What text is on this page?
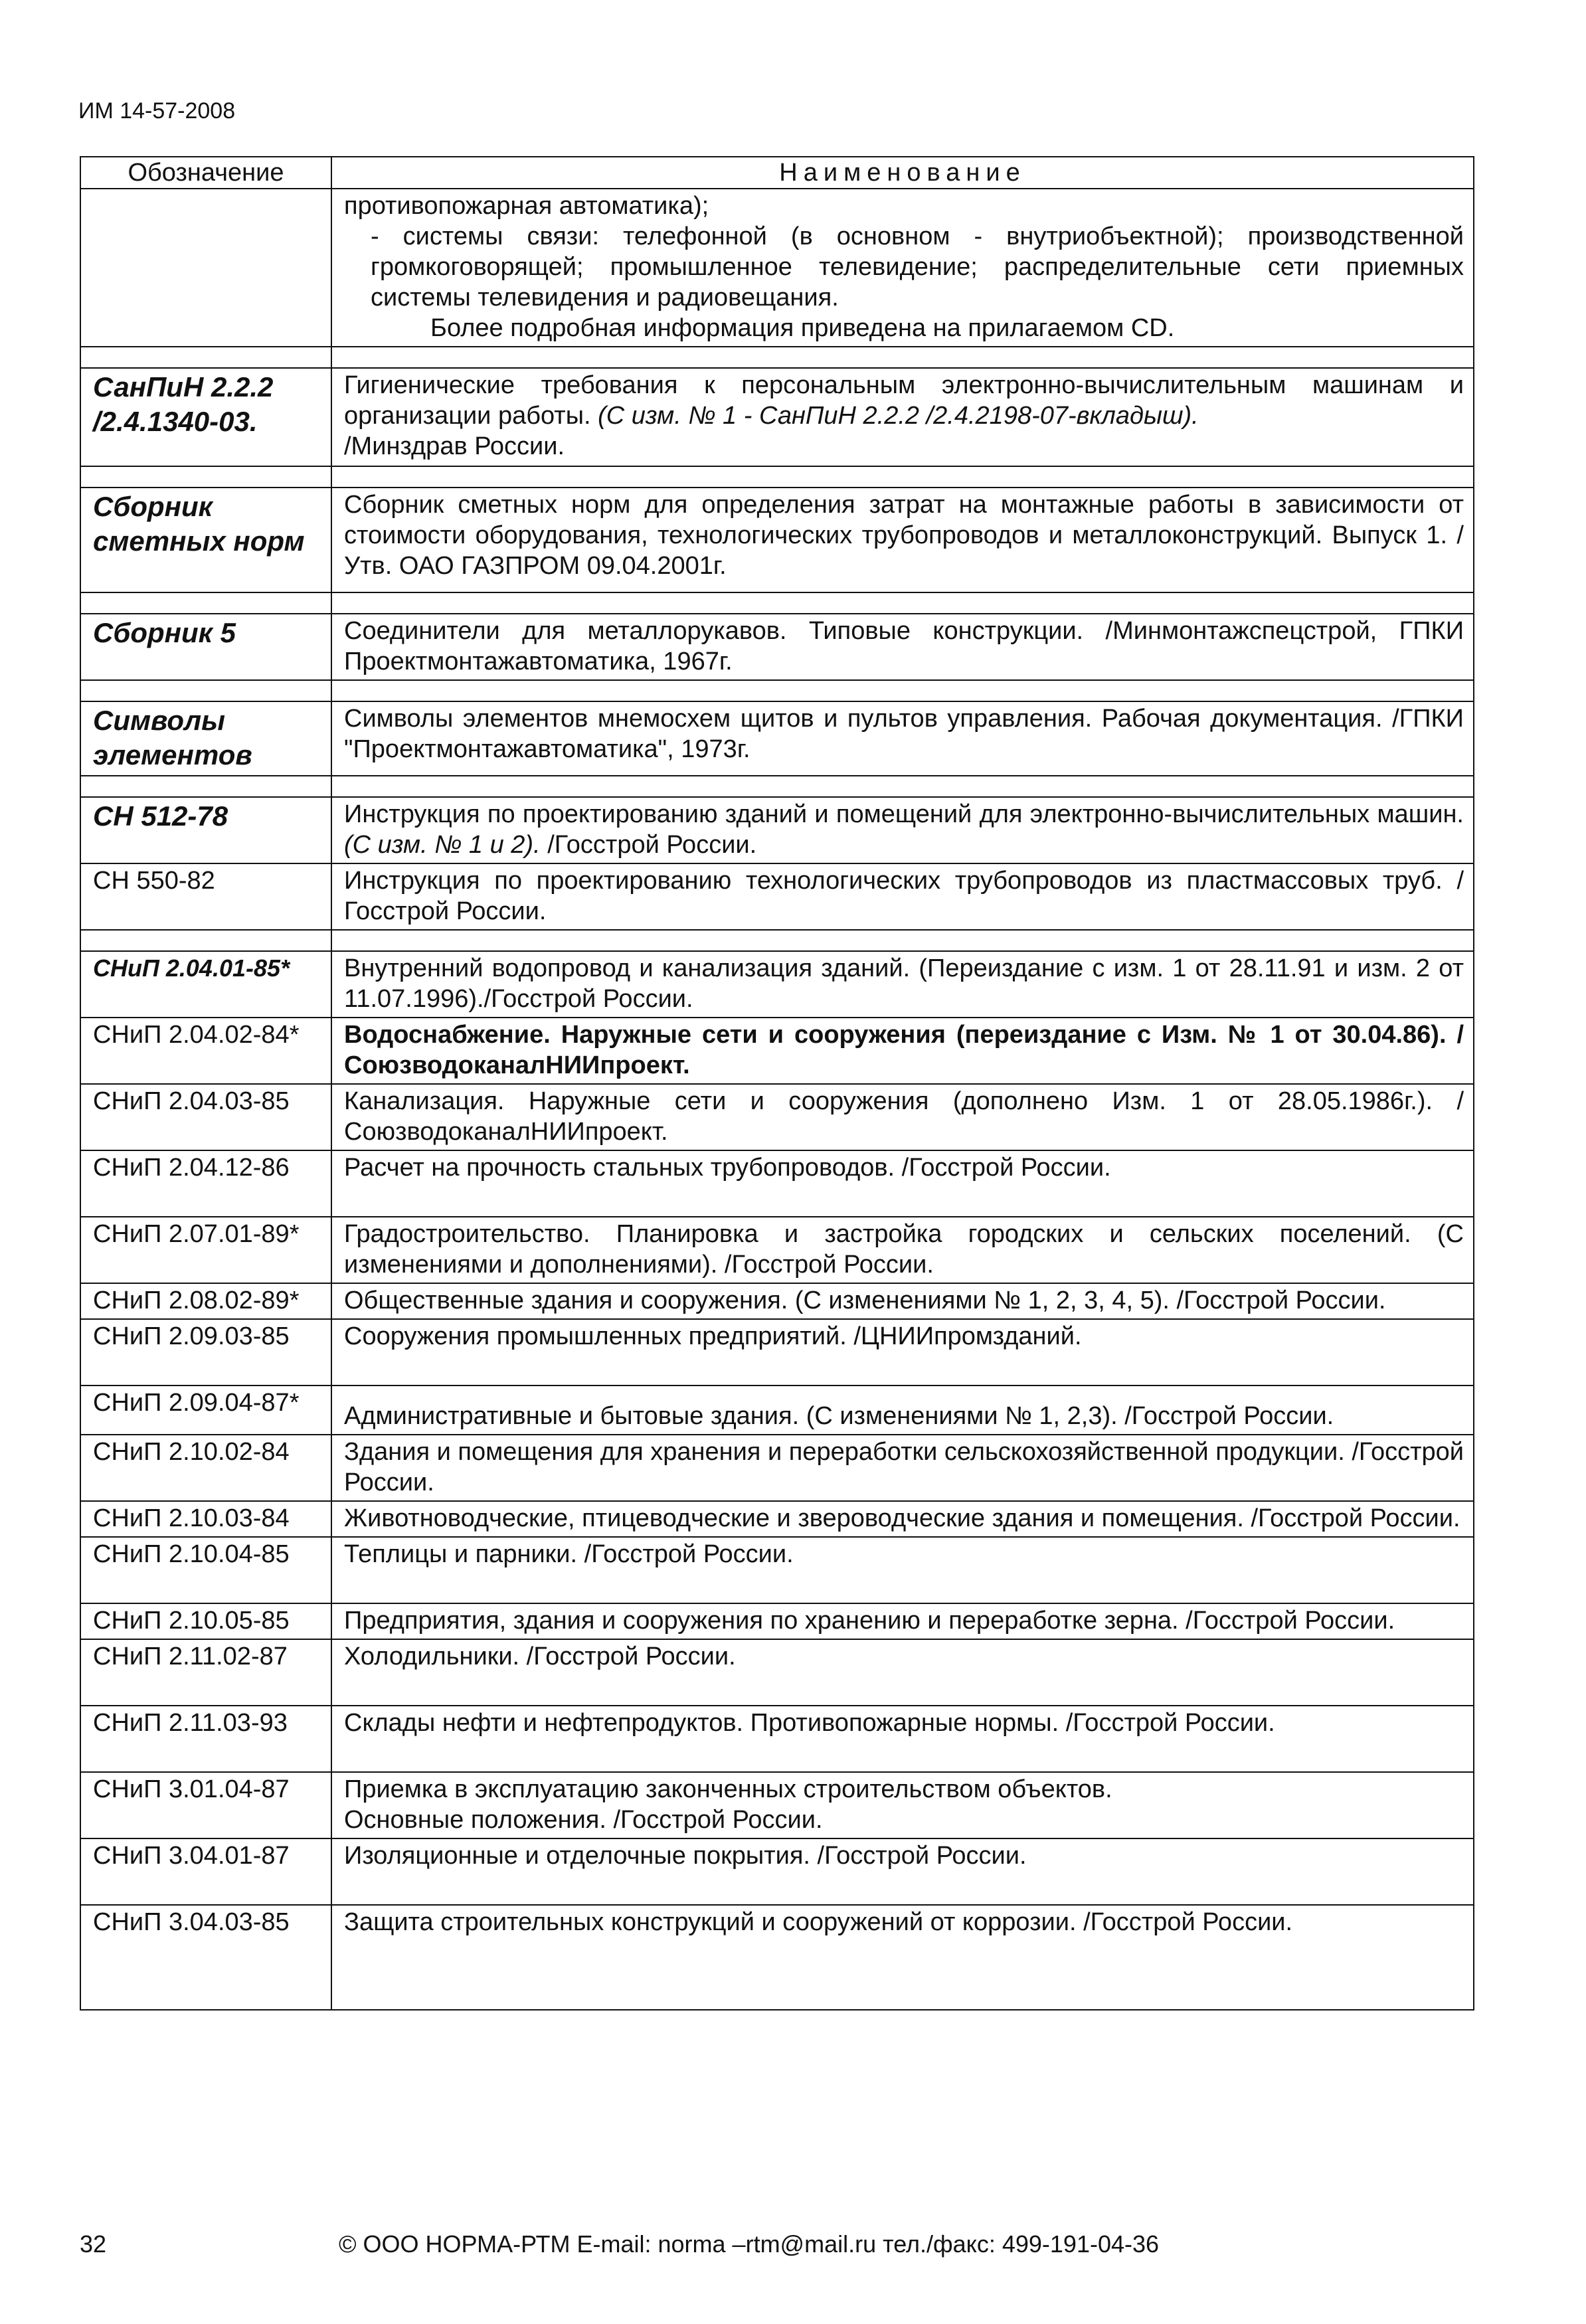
ИМ 14-57-2008
Обозначение	Наименование
	противопожарная автоматика);
- системы связи: телефонной (в основном - внутриобъектной); производственной громкоговорящей; промышленное телевидение; распределительные сети приемных системы телевидения и радиовещания.
Более подробная информация приведена на прилагаемом CD.

СанПиН 2.2.2 /2.4.1340-03.	Гигиенические требования к персональным электронно-вычислительным машинам и организации работы. (С изм. № 1 - СанПиН 2.2.2 /2.4.2198-07-вкладыш).
/Минздрав России.

Сборник сметных норм	Сборник сметных норм для определения затрат на монтажные работы в зависимости от стоимости оборудования, технологических трубопроводов и металлоконструкций. Выпуск 1. /Утв. ОАО ГАЗПРОМ 09.04.2001г.

Сборник 5	Соединители для металлорукавов. Типовые конструкции. /Минмонтажспецстрой, ГПКИ Проектмонтажавтоматика, 1967г.

Символы элементов	Символы элементов мнемосхем щитов и пультов управления. Рабочая документация. /ГПКИ "Проектмонтажавтоматика", 1973г.

СН 512-78	Инструкция по проектированию зданий и помещений для электронно-вычислительных машин. (С изм. № 1 и 2). /Госстрой России.
СН 550-82	Инструкция по проектированию технологических трубопроводов из пластмассовых труб. /Госстрой России.

СНиП 2.04.01-85*	Внутренний водопровод и канализация зданий. (Переиздание с изм. 1 от 28.11.91 и изм. 2 от 11.07.1996)./Госстрой России.
СНиП 2.04.02-84*	Водоснабжение. Наружные сети и сооружения (переиздание с Изм. № 1 от 30.04.86). /СоюзводоканалНИИпроект.
СНиП 2.04.03-85	Канализация. Наружные сети и сооружения (дополнено Изм. 1 от 28.05.1986г.). /СоюзводоканалНИИпроект.
СНиП 2.04.12-86	Расчет на прочность стальных трубопроводов. /Госстрой России.
СНиП 2.07.01-89*	Градостроительство. Планировка и застройка городских и сельских поселений. (С изменениями и дополнениями). /Госстрой России.
СНиП 2.08.02-89*	Общественные здания и сооружения. (С изменениями № 1, 2, 3, 4, 5). /Госстрой России.
СНиП 2.09.03-85	Сооружения промышленных предприятий. /ЦНИИпромзданий.
СНиП 2.09.04-87*	Административные и бытовые здания. (С изменениями № 1, 2,3). /Госстрой России.
СНиП 2.10.02-84	Здания и помещения для хранения и переработки сельскохозяйственной продукции. /Госстрой России.
СНиП 2.10.03-84	Животноводческие, птицеводческие и звероводческие здания и помещения. /Госстрой России.
СНиП 2.10.04-85	Теплицы и парники. /Госстрой России.
СНиП 2.10.05-85	Предприятия, здания и сооружения по хранению и переработке зерна. /Госстрой России.
СНиП 2.11.02-87	Холодильники. /Госстрой России.
СНиП 2.11.03-93	Склады нефти и нефтепродуктов. Противопожарные нормы. /Госстрой России.
СНиП 3.01.04-87	Приемка в эксплуатацию законченных строительством объектов.
Основные положения. /Госстрой России.
СНиП 3.04.01-87	Изоляционные и отделочные покрытия. /Госстрой России.
СНиП 3.04.03-85	Защита строительных конструкций и сооружений от коррозии. /Госстрой России.
32	© ООО НОРМА-РТМ E-mail: norma –rtm@mail.ru тел./факс: 499-191-04-36
